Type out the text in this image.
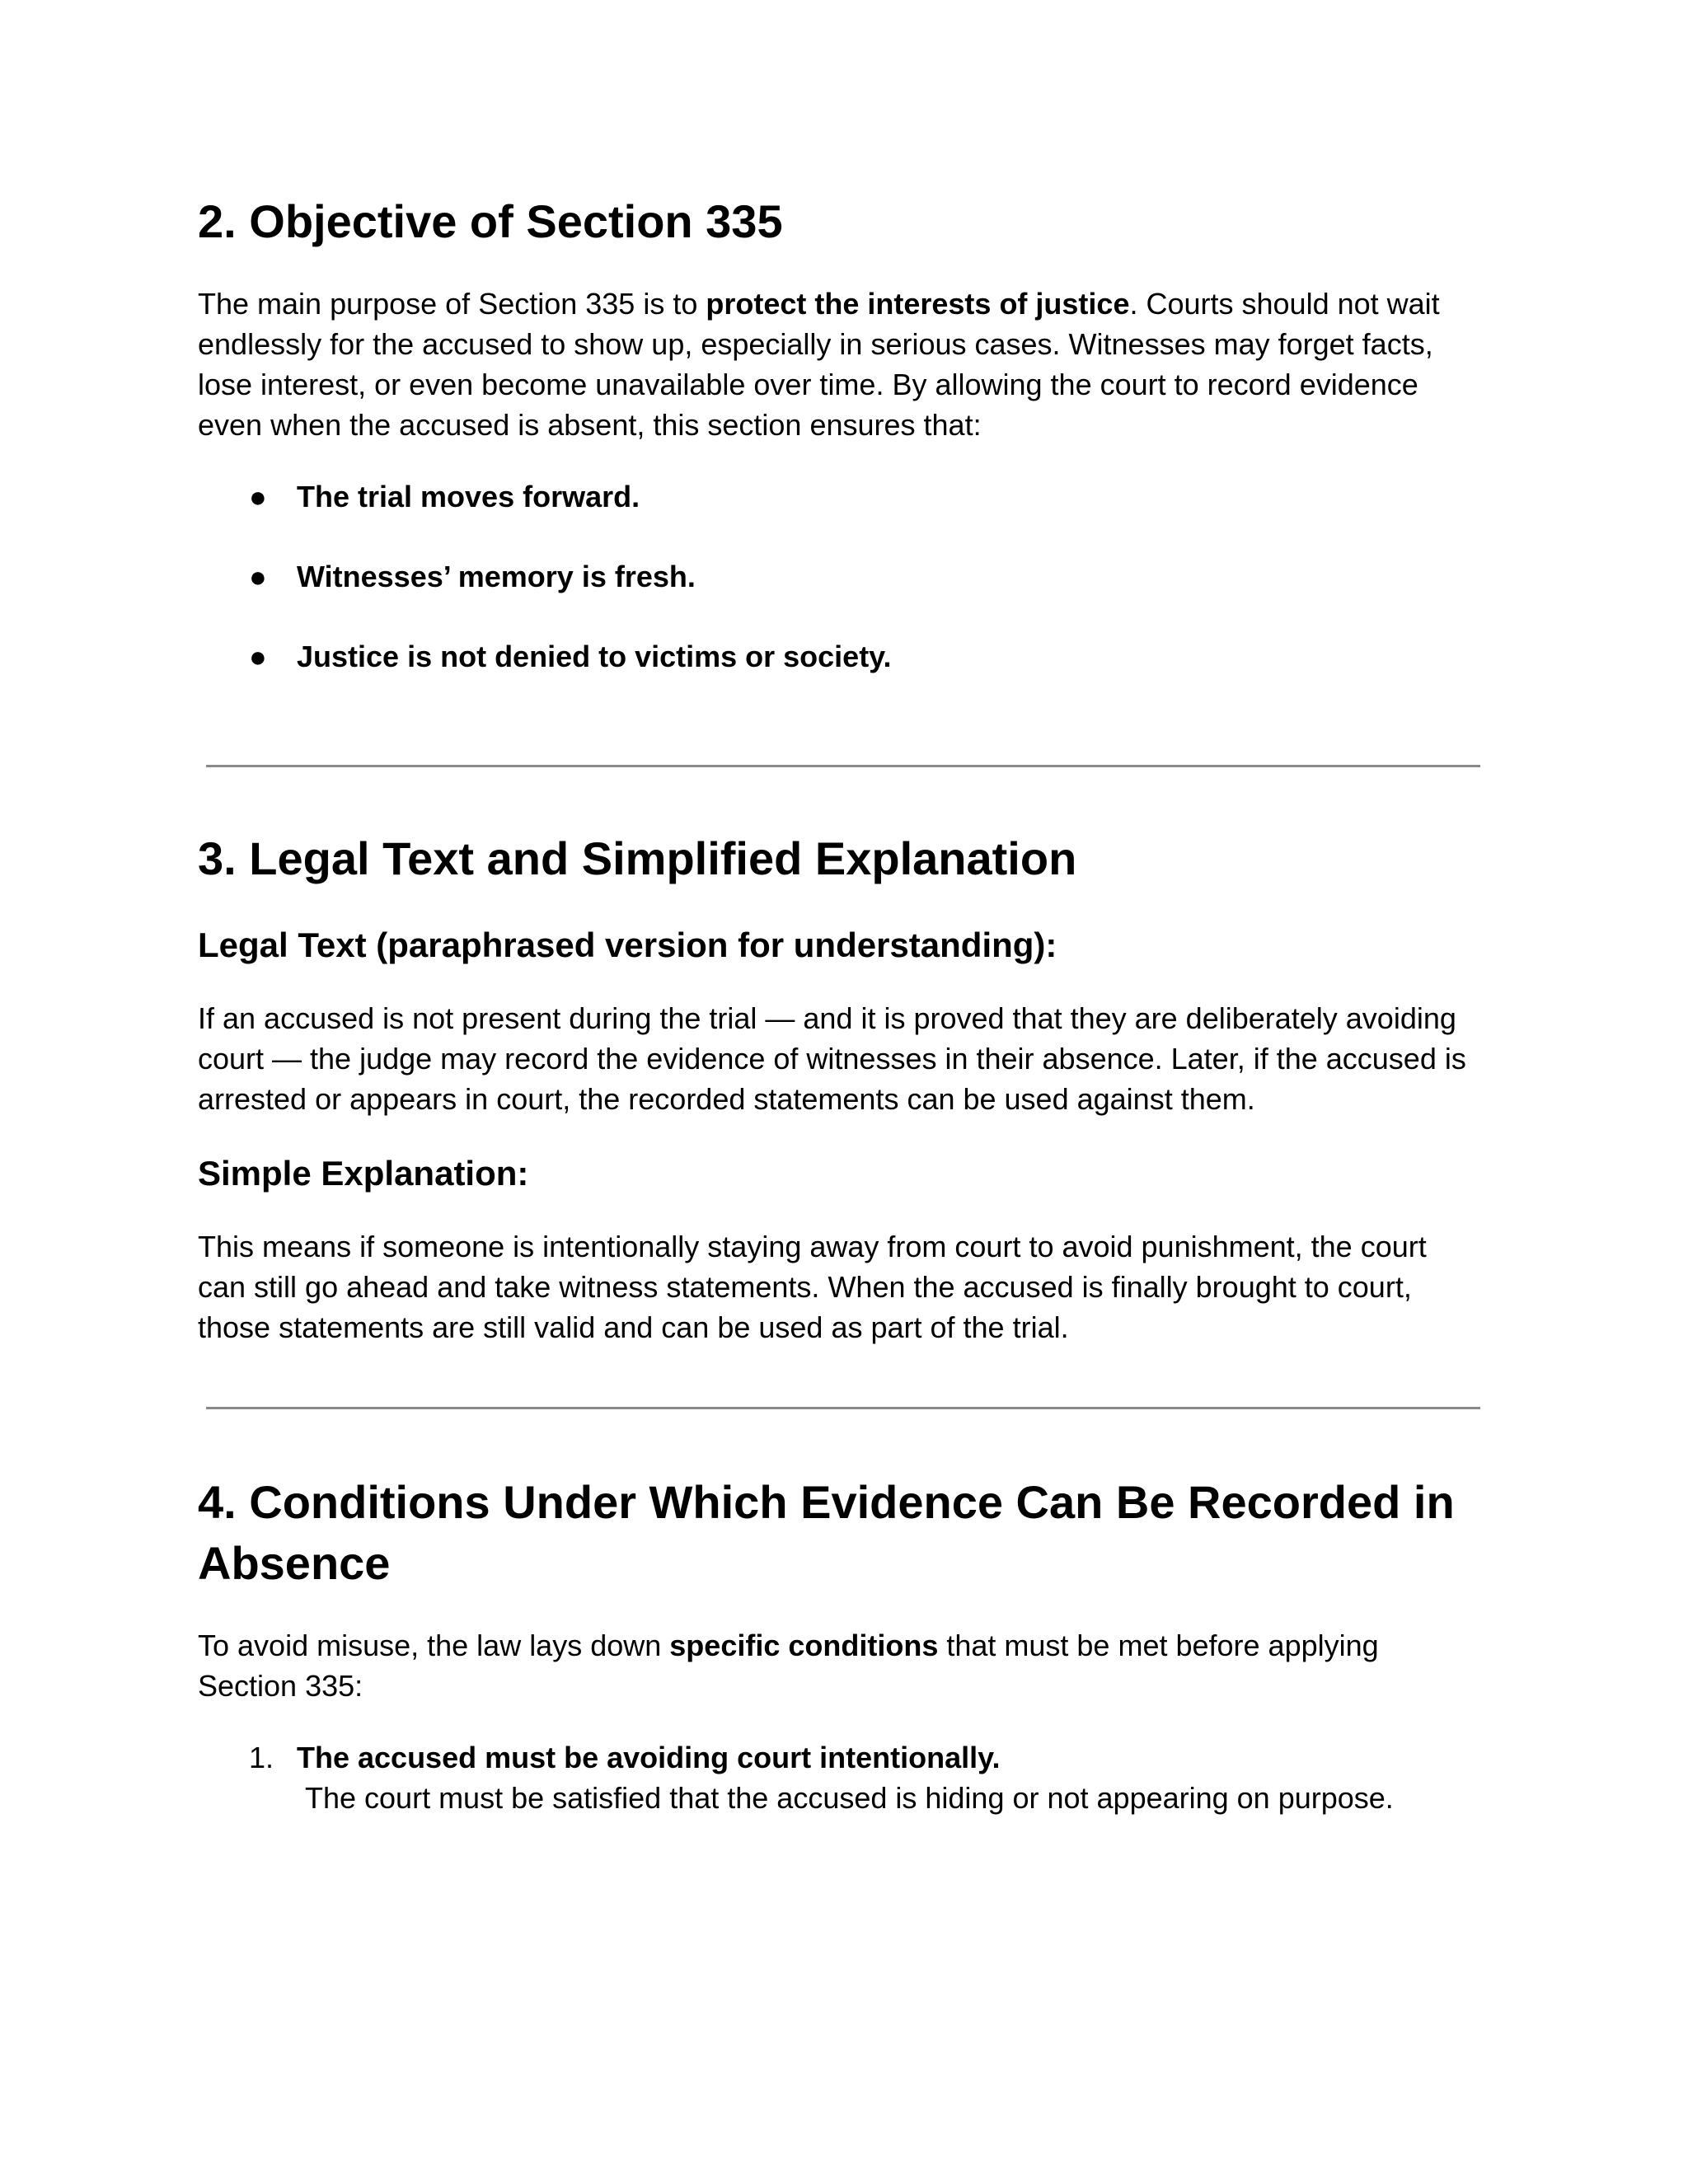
2. Objective of Section 335

The main purpose of Section 335 is to protect the interests of justice. Courts should not wait endlessly for the accused to show up, especially in serious cases. Witnesses may forget facts, lose interest, or even become unavailable over time. By allowing the court to record evidence even when the accused is absent, this section ensures that:

● The trial moves forward.
● Witnesses’ memory is fresh.
● Justice is not denied to victims or society.
3. Legal Text and Simplified Explanation
Legal Text (paraphrased version for understanding):

If an accused is not present during the trial — and it is proved that they are deliberately avoiding court — the judge may record the evidence of witnesses in their absence. Later, if the accused is arrested or appears in court, the recorded statements can be used against them.

Simple Explanation:

This means if someone is intentionally staying away from court to avoid punishment, the court can still go ahead and take witness statements. When the accused is finally brought to court, those statements are still valid and can be used as part of the trial.

4. Conditions Under Which Evidence Can Be Recorded in Absence

To avoid misuse, the law lays down specific conditions that must be met before applying Section 335:

1. The accused must be avoiding court intentionally.
The court must be satisfied that the accused is hiding or not appearing on purpose.
